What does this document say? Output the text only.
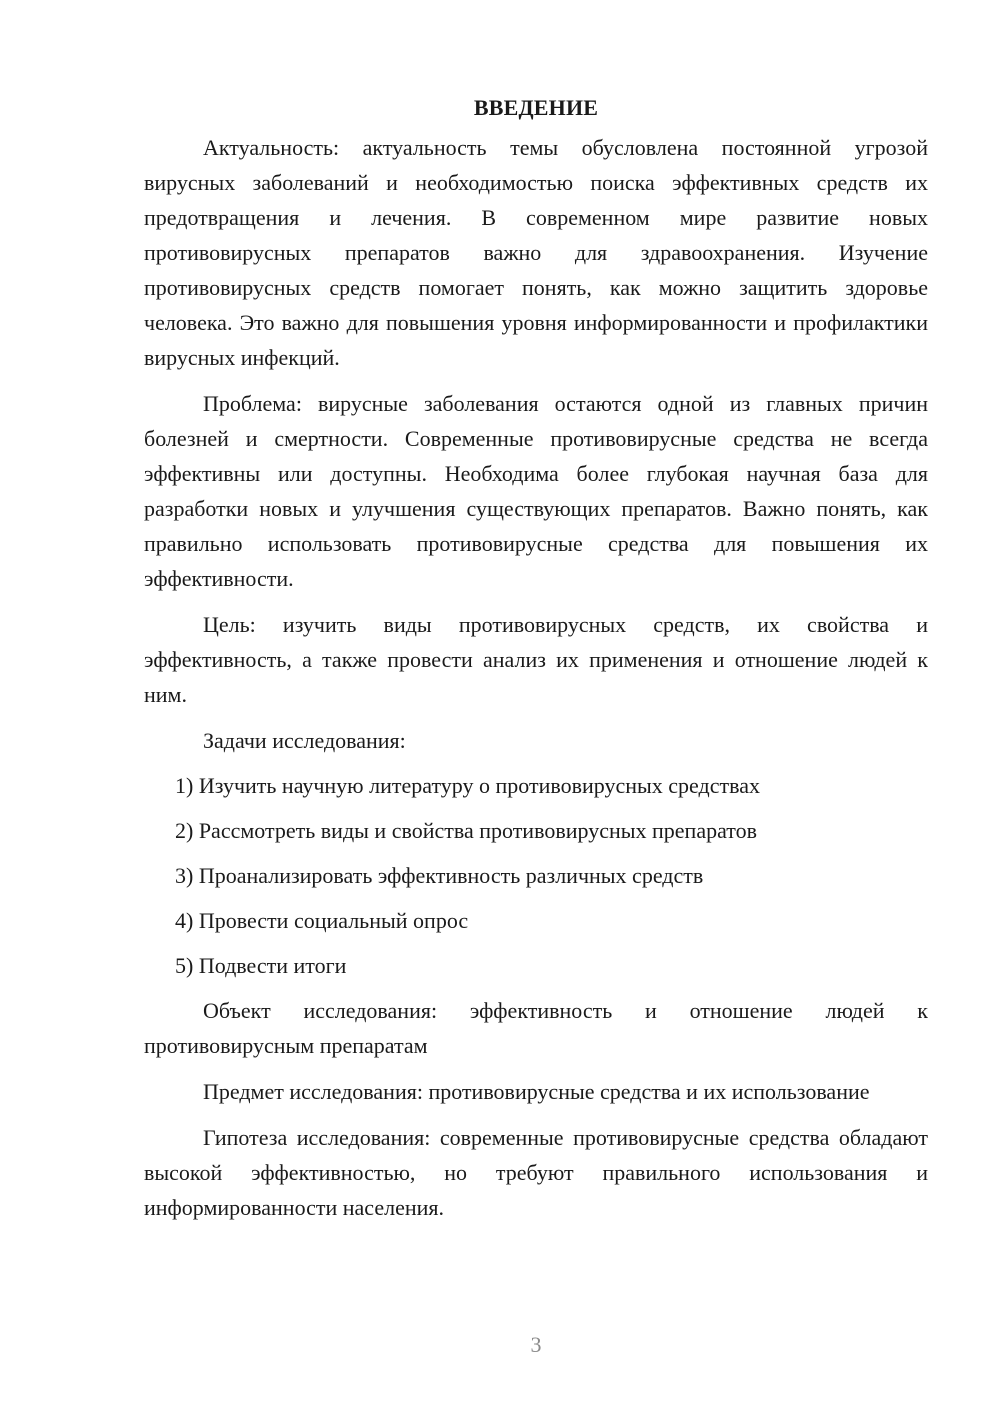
ВВЕДЕНИЕ

Актуальность: актуальность темы обусловлена постоянной угрозой вирусных заболеваний и необходимостью поиска эффективных средств их предотвращения и лечения. В современном мире развитие новых противовирусных препаратов важно для здравоохранения. Изучение противовирусных средств помогает понять, как можно защитить здоровье человека. Это важно для повышения уровня информированности и профилактики вирусных инфекций.

Проблема: вирусные заболевания остаются одной из главных причин болезней и смертности. Современные противовирусные средства не всегда эффективны или доступны. Необходима более глубокая научная база для разработки новых и улучшения существующих препаратов. Важно понять, как правильно использовать противовирусные средства для повышения их эффективности.

Цель: изучить виды противовирусных средств, их свойства и эффективность, а также провести анализ их применения и отношение людей к ним.

Задачи исследования:

1) Изучить научную литературу о противовирусных средствах
2) Рассмотреть виды и свойства противовирусных препаратов
3) Проанализировать эффективность различных средств
4) Провести социальный опрос
5) Подвести итоги

Объект исследования: эффективность и отношение людей к противовирусным препаратам

Предмет исследования: противовирусные средства и их использование

Гипотеза исследования: современные противовирусные средства обладают высокой эффективностью, но требуют правильного использования и информированности населения.

3
